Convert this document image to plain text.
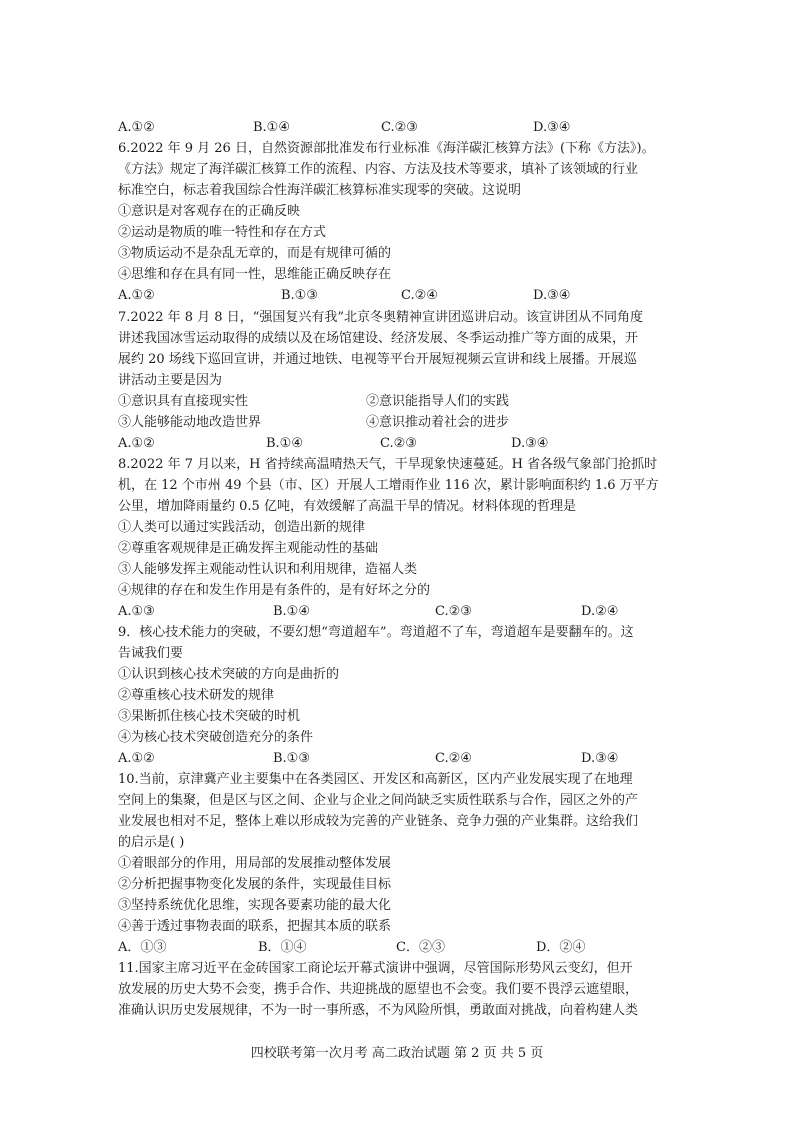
A.①②	B.①④	C.②③	D.③④
6.2022 年 9 月 26 日，自然资源部批准发布行业标准《海洋碳汇核算方法》(下称《方法》)。
《方法》规定了海洋碳汇核算工作的流程、内容、方法及技术等要求，填补了该领域的行业
标准空白，标志着我国综合性海洋碳汇核算标准实现零的突破。这说明
①意识是对客观存在的正确反映
②运动是物质的唯一特性和存在方式
③物质运动不是杂乱无章的，而是有规律可循的
④思维和存在具有同一性，思维能正确反映存在
A.①②	B.①③	C.②④	D.③④
7.2022 年 8 月 8 日，“强国复兴有我”北京冬奥精神宣讲团巡讲启动。该宣讲团从不同角度
讲述我国冰雪运动取得的成绩以及在场馆建设、经济发展、冬季运动推广等方面的成果，开
展约 20 场线下巡回宣讲，并通过地铁、电视等平台开展短视频云宣讲和线上展播。开展巡
讲活动主要是因为
①意识具有直接现实性	②意识能指导人们的实践
③人能够能动地改造世界	④意识推动着社会的进步
A.①②	B.①④	C.②③	D.③④
8.2022 年 7 月以来，H 省持续高温晴热天气，干旱现象快速蔓延。H 省各级气象部门抢抓时
机，在 12 个市州 49 个县（市、区）开展人工增雨作业 116 次，累计影响面积约 1.6 万平方
公里，增加降雨量约 0.5 亿吨，有效缓解了高温干旱的情况。材料体现的哲理是
①人类可以通过实践活动，创造出新的规律
②尊重客观规律是正确发挥主观能动性的基础
③人能够发挥主观能动性认识和利用规律，造福人类
④规律的存在和发生作用是有条件的，是有好坏之分的
A.①③	B.①④	C.②③	D.②④
9．核心技术能力的突破，不要幻想“弯道超车”。弯道超不了车，弯道超车是要翻车的。这
告诫我们要
①认识到核心技术突破的方向是曲折的
②尊重核心技术研发的规律
③果断抓住核心技术突破的时机
④为核心技术突破创造充分的条件
A.①②	B.①③	C.②④	D.③④
10.当前，京津冀产业主要集中在各类园区、开发区和高新区，区内产业发展实现了在地理
空间上的集聚，但是区与区之间、企业与企业之间尚缺乏实质性联系与合作，园区之外的产
业发展也相对不足，整体上难以形成较为完善的产业链条、竞争力强的产业集群。这给我们
的启示是( )
①着眼部分的作用，用局部的发展推动整体发展
②分析把握事物变化发展的条件，实现最佳目标
③坚持系统优化思维，实现各要素功能的最大化
④善于透过事物表面的联系，把握其本质的联系
A．①③	B．①④	C．②③	D．②④
11.国家主席习近平在金砖国家工商论坛开幕式演讲中强调，尽管国际形势风云变幻，但开
放发展的历史大势不会变，携手合作、共迎挑战的愿望也不会变。我们要不畏浮云遮望眼，
准确认识历史发展规律，不为一时一事所惑，不为风险所惧，勇敢面对挑战，向着构建人类
四校联考第一次月考 高二政治试题 第 2 页 共 5 页
